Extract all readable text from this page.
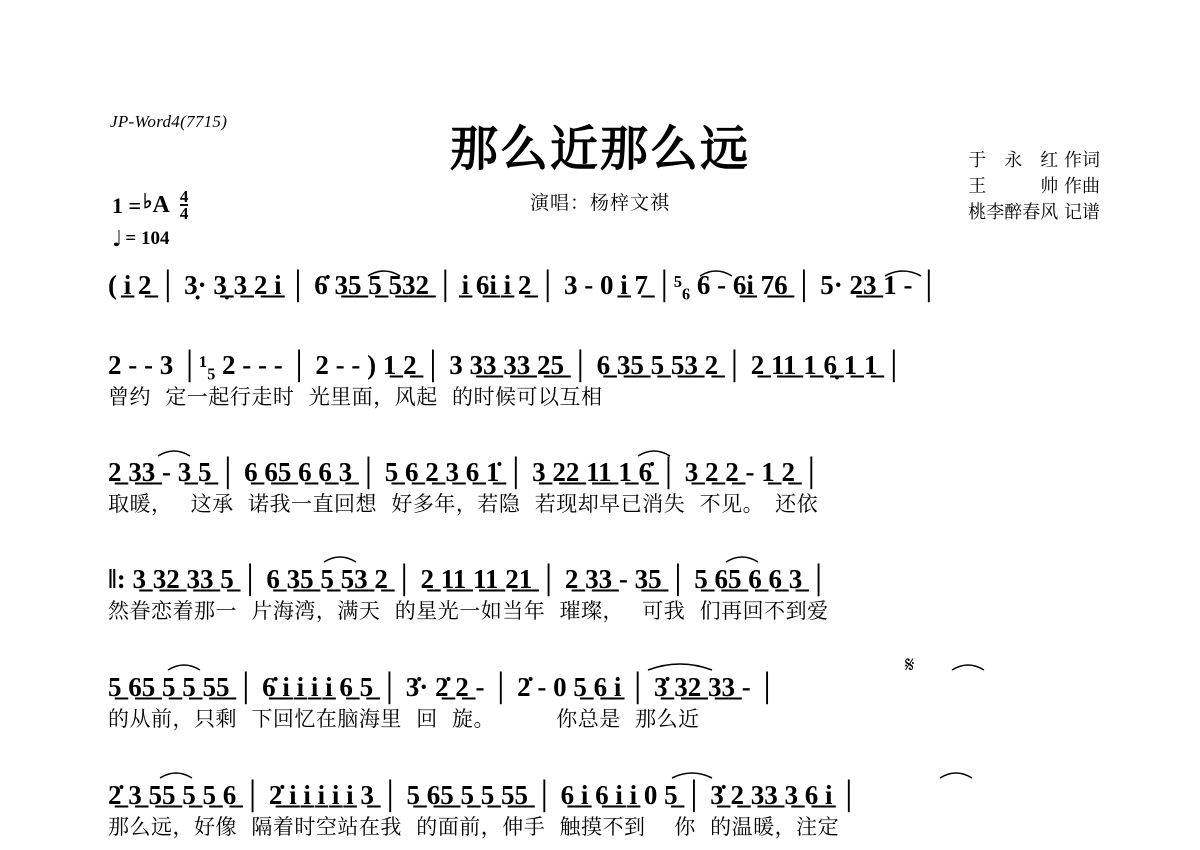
JP-Word4(7715)	那么近那么远
演唱：杨梓文祺
于　永　红 作词
王　　　帅 作曲
桃李醉春风 记谱
1 = ♭ A $\frac{4}{4}$
♩ = 104
( i̲ 2̲ │ 3̣· 3̲̣ 3̲ 2̲ i̲ │ 6̇ 3̲5̲ 5̲ 5̲3̲2̲ │ i̲ 6̲i̲ i̲ 2̲ │ 3 - 0 i̲ 7̲ │⁵₆ 6 - 6̲i̲ 7̲6̲ │ 5· 2̲3̲ 1 - │
2 - - 3 │¹₅ 2 - - - │ 2 - - ) 1̲ 2̲ │ 3 3̲3̲ 3̲3̲ 2̲5̲ │ 6̲ 3̲5̲ 5̲ 5̲3̲ 2̲ │ 2̲ 1̲1̲ 1̲ 6̲̣ 1̲ 1̲ │
曾约  定一起行走时  光里面，风起  的时候可以互相
2̲ 3̲3̲ - 3̲ 5̲ │ 6̲ 6̲5̲ 6̲ 6̲ 3̲ │ 5̲ 6̲ 2̲ 3̲ 6̲ 1̲̇ │ 3̲ 2̲2̲ 1̲1̲ 1̲ 6̲̇ │ 3̲ 2̲ 2̲ - 1̲ 2̲ │
取暖，　 这承  诺我一直回想  好多年，若隐  若现却早已消失  不见。　还依
‖: 3̲ 3̲2̲ 3̲3̲ 5̲ │ 6̲ 3̲5̲ 5̲ 5̲3̲ 2̲ │ 2̲ 1̲1̲ 1̲1̲ 2̲1̲ │ 2̲ 3̲3̲ - 3̲5̲ │ 5̲ 6̲5̲ 6̲ 6̲ 3̲ │
然眷恋着那一  片海湾，满天  的星光一如当年  璀璨，　 可我  们再回不到爱
5̲ 6̲5̲ 5̲ 5̲ 5̲5̲ │ 6̲̇ i̲ i̲ i̲ i̲ 6̲ 5̲ │ 3̇· 2̲̇ 2̲ - │ 2̇ - 0 5̲ 6̲ i̲ │ 3̲̇ 3̲2̲ 3̲3̲ - │
的从前，只剩  下回忆在脑海里  回  旋。　　　 你总是  那么近
2̲̇ 3̲ 5̲5̲ 5̲ 5̲ 6̲ │ 2̲̇ i̲ i̲ i̲ i̲ i̲ 3̲ │ 5̲ 6̲5̲ 5̲ 5̲ 5̲5̲ │ 6̲ i̲ 6̲ i̲ i̲ 0 5̲ │ 3̲̇ 2̲ 3̲3̲ 3̲ 6̲ i̲ │
那么远，好像  隔着时空站在我  的面前，伸手  触摸不到　 你  的温暖，注定
𝄋
